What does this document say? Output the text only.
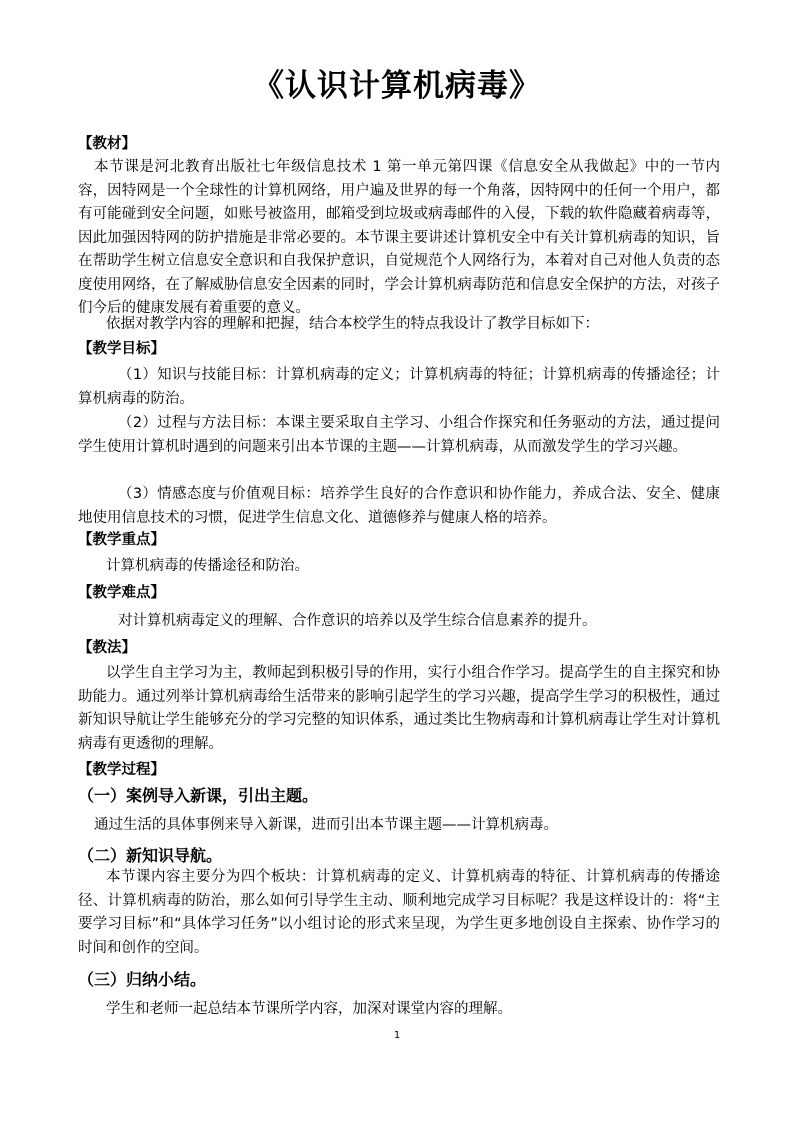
《认识计算机病毒》
【教材】
本节课是河北教育出版社七年级信息技术 1 第一单元第四课《信息安全从我做起》中的一节内容，因特网是一个全球性的计算机网络，用户遍及世界的每一个角落，因特网中的任何一个用户，都有可能碰到安全问题，如账号被盗用，邮箱受到垃圾或病毒邮件的入侵，下载的软件隐藏着病毒等，因此加强因特网的防护措施是非常必要的。本节课主要讲述计算机安全中有关计算机病毒的知识，旨在帮助学生树立信息安全意识和自我保护意识，自觉规范个人网络行为，本着对自己对他人负责的态度使用网络，在了解威胁信息安全因素的同时，学会计算机病毒防范和信息安全保护的方法，对孩子们今后的健康发展有着重要的意义。
依据对教学内容的理解和把握，结合本校学生的特点我设计了教学目标如下：
【教学目标】
（1）知识与技能目标：计算机病毒的定义；计算机病毒的特征；计算机病毒的传播途径；计算机病毒的防治。
（2）过程与方法目标：本课主要采取自主学习、小组合作探究和任务驱动的方法，通过提问学生使用计算机时遇到的问题来引出本节课的主题——计算机病毒，从而激发学生的学习兴趣。
（3）情感态度与价值观目标：培养学生良好的合作意识和协作能力，养成合法、安全、健康地使用信息技术的习惯，促进学生信息文化、道德修养与健康人格的培养。
【教学重点】
计算机病毒的传播途径和防治。
【教学难点】
对计算机病毒定义的理解、合作意识的培养以及学生综合信息素养的提升。
【教法】
以学生自主学习为主，教师起到积极引导的作用，实行小组合作学习。提高学生的自主探究和协助能力。通过列举计算机病毒给生活带来的影响引起学生的学习兴趣，提高学生学习的积极性，通过新知识导航让学生能够充分的学习完整的知识体系，通过类比生物病毒和计算机病毒让学生对计算机病毒有更透彻的理解。
【教学过程】
（一）案例导入新课，引出主题。
通过生活的具体事例来导入新课，进而引出本节课主题——计算机病毒。
（二）新知识导航。
本节课内容主要分为四个板块：计算机病毒的定义、计算机病毒的特征、计算机病毒的传播途径、计算机病毒的防治，那么如何引导学生主动、顺利地完成学习目标呢？我是这样设计的：将“主要学习目标”和“具体学习任务”以小组讨论的形式来呈现，为学生更多地创设自主探索、协作学习的时间和创作的空间。
（三）归纳小结。
学生和老师一起总结本节课所学内容，加深对课堂内容的理解。
1
